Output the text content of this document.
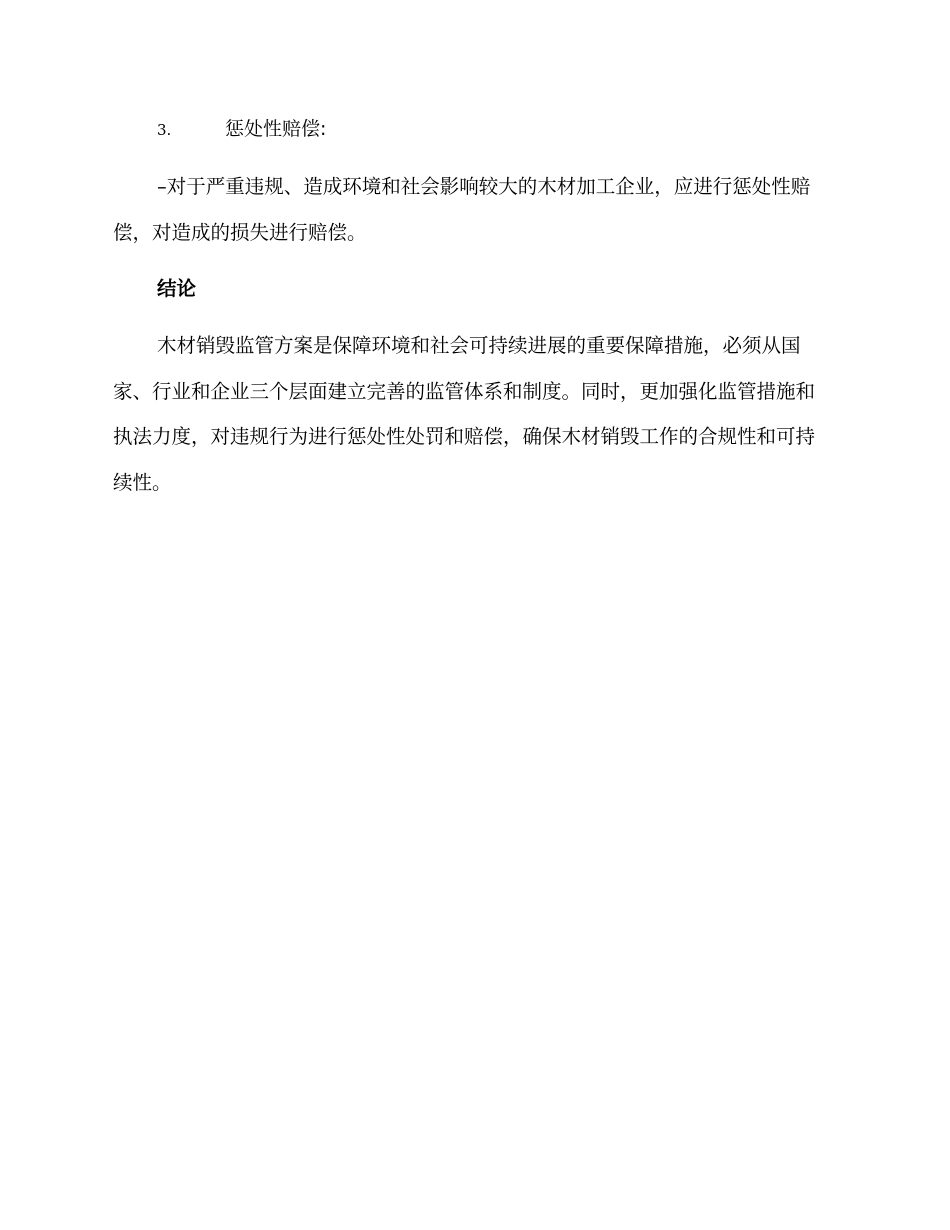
3.	惩处性赔偿:

–对于严重违规、造成环境和社会影响较大的木材加工企业，应进行惩处性赔偿，对造成的损失进行赔偿。

结论

木材销毁监管方案是保障环境和社会可持续进展的重要保障措施，必须从国家、行业和企业三个层面建立完善的监管体系和制度。同时，更加强化监管措施和执法力度，对违规行为进行惩处性处罚和赔偿，确保木材销毁工作的合规性和可持续性。
